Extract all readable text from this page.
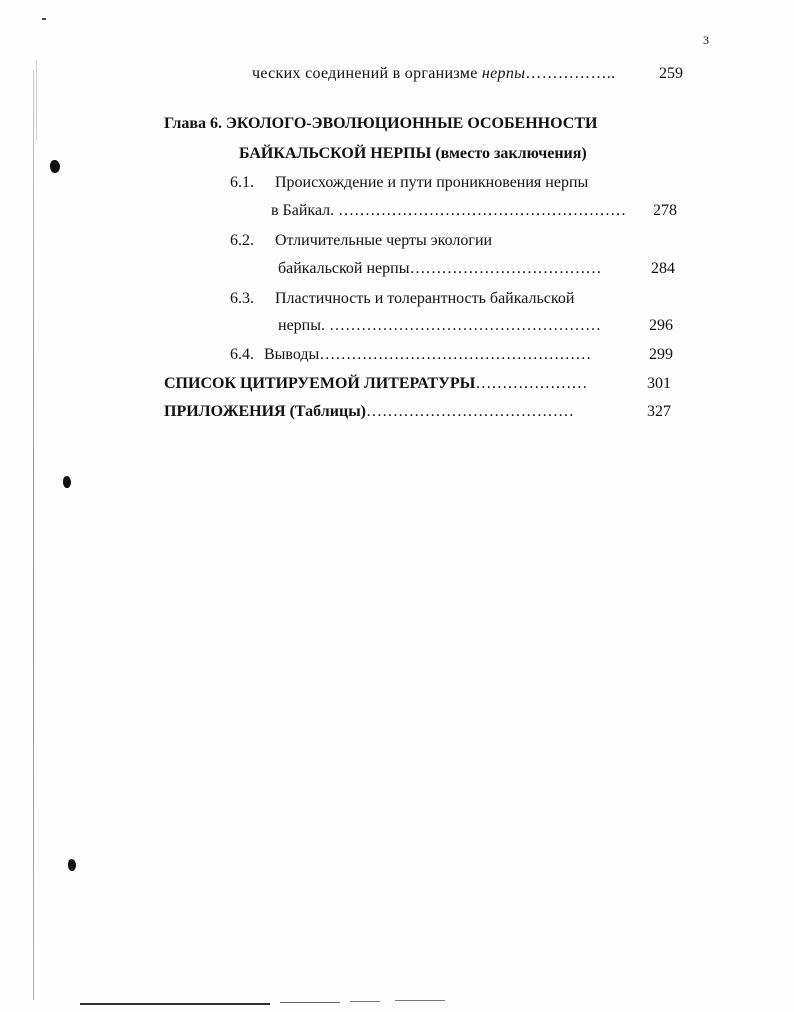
3
ческих соединений в организме нерпы……………..	259
Глава 6. ЭКОЛОГО-ЭВОЛЮЦИОННЫЕ ОСОБЕННОСТИ
БАЙКАЛЬСКОЙ НЕРПЫ (вместо заключения)
6.1. Происхождение и пути проникновения нерпы
в Байкал. ………………………………………………	278
6.2. Отличительные черты экологии
байкальской нерпы………………………………	284
6.3. Пластичность и толерантность байкальской
нерпы. ……………………………………………	296
6.4. Выводы……………………………………………	299
СПИСОК ЦИТИРУЕМОЙ ЛИТЕРАТУРЫ…………………	301
ПРИЛОЖЕНИЯ (Таблицы)…………………………………	327
